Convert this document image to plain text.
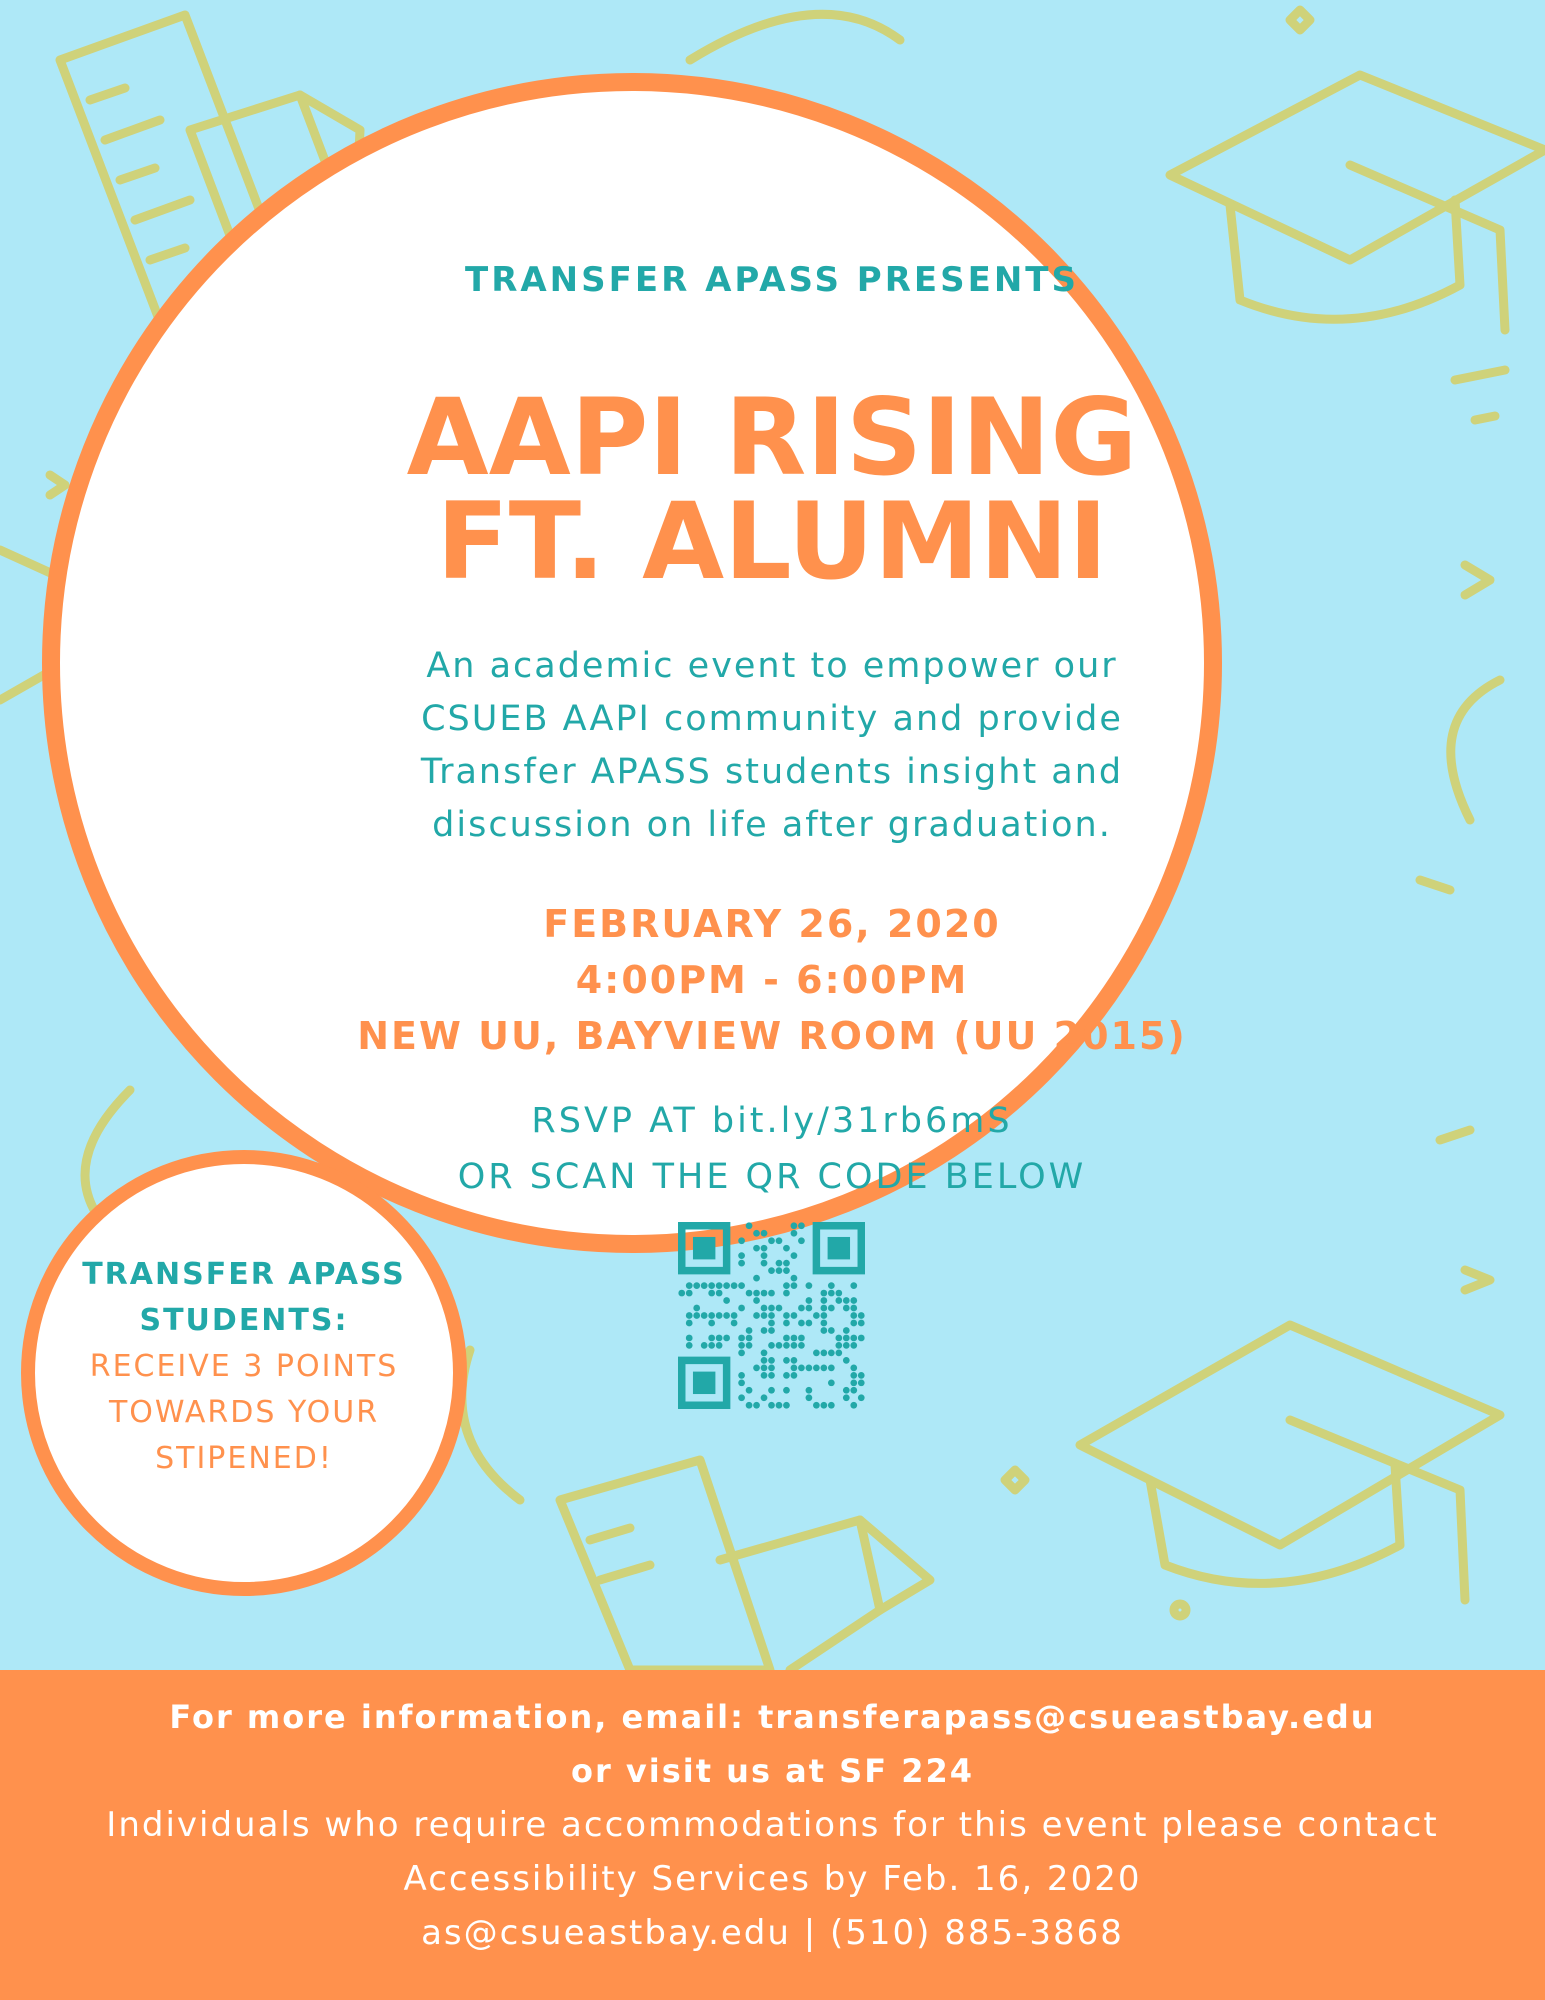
TRANSFER APASS PRESENTS
AAPI RISING
FT. ALUMNI
An academic event to empower our
CSUEB AAPI community and provide
Transfer APASS students insight and
discussion on life after graduation.
FEBRUARY 26, 2020
4:00PM - 6:00PM
NEW UU, BAYVIEW ROOM (UU 2015)
RSVP AT bit.ly/31rb6mS
OR SCAN THE QR CODE BELOW
TRANSFER APASS
STUDENTS:
RECEIVE 3 POINTS
TOWARDS YOUR
STIPENED!
For more information, email: transferapass@csueastbay.edu
or visit us at SF 224
Individuals who require accommodations for this event please contact
Accessibility Services by Feb. 16, 2020
as@csueastbay.edu | (510) 885-3868
